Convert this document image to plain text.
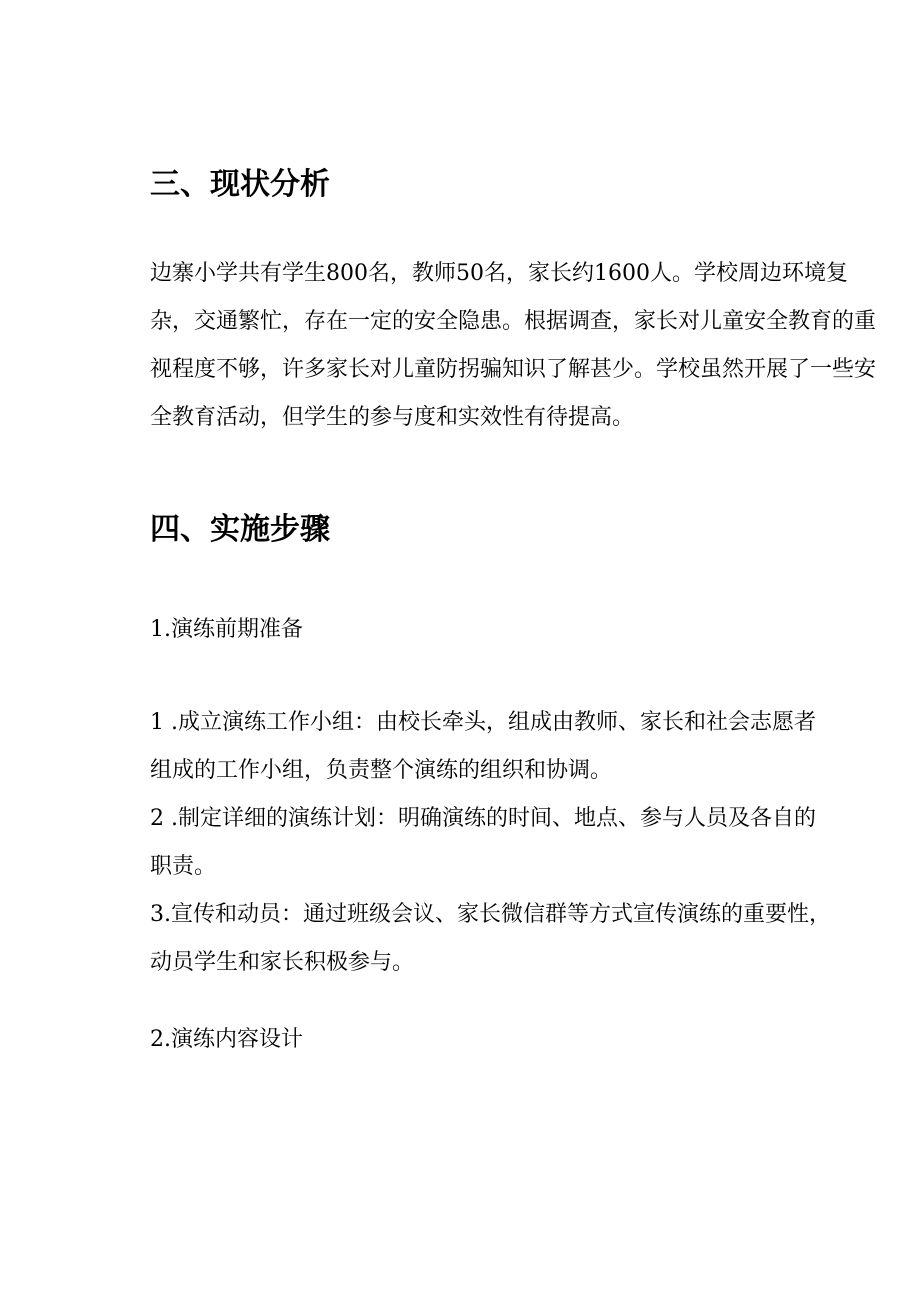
三、现状分析

边寨小学共有学生800名，教师50名，家长约1600人。学校周边环境复
杂，交通繁忙，存在一定的安全隐患。根据调查，家长对儿童安全教育的重
视程度不够，许多家长对儿童防拐骗知识了解甚少。学校虽然开展了一些安
全教育活动，但学生的参与度和实效性有待提高。

四、实施步骤

1.演练前期准备

1 .成立演练工作小组：由校长牵头，组成由教师、家长和社会志愿者
组成的工作小组，负责整个演练的组织和协调。

2 .制定详细的演练计划：明确演练的时间、地点、参与人员及各自的
职责。

3.宣传和动员：通过班级会议、家长微信群等方式宣传演练的重要性，
动员学生和家长积极参与。

2.演练内容设计
